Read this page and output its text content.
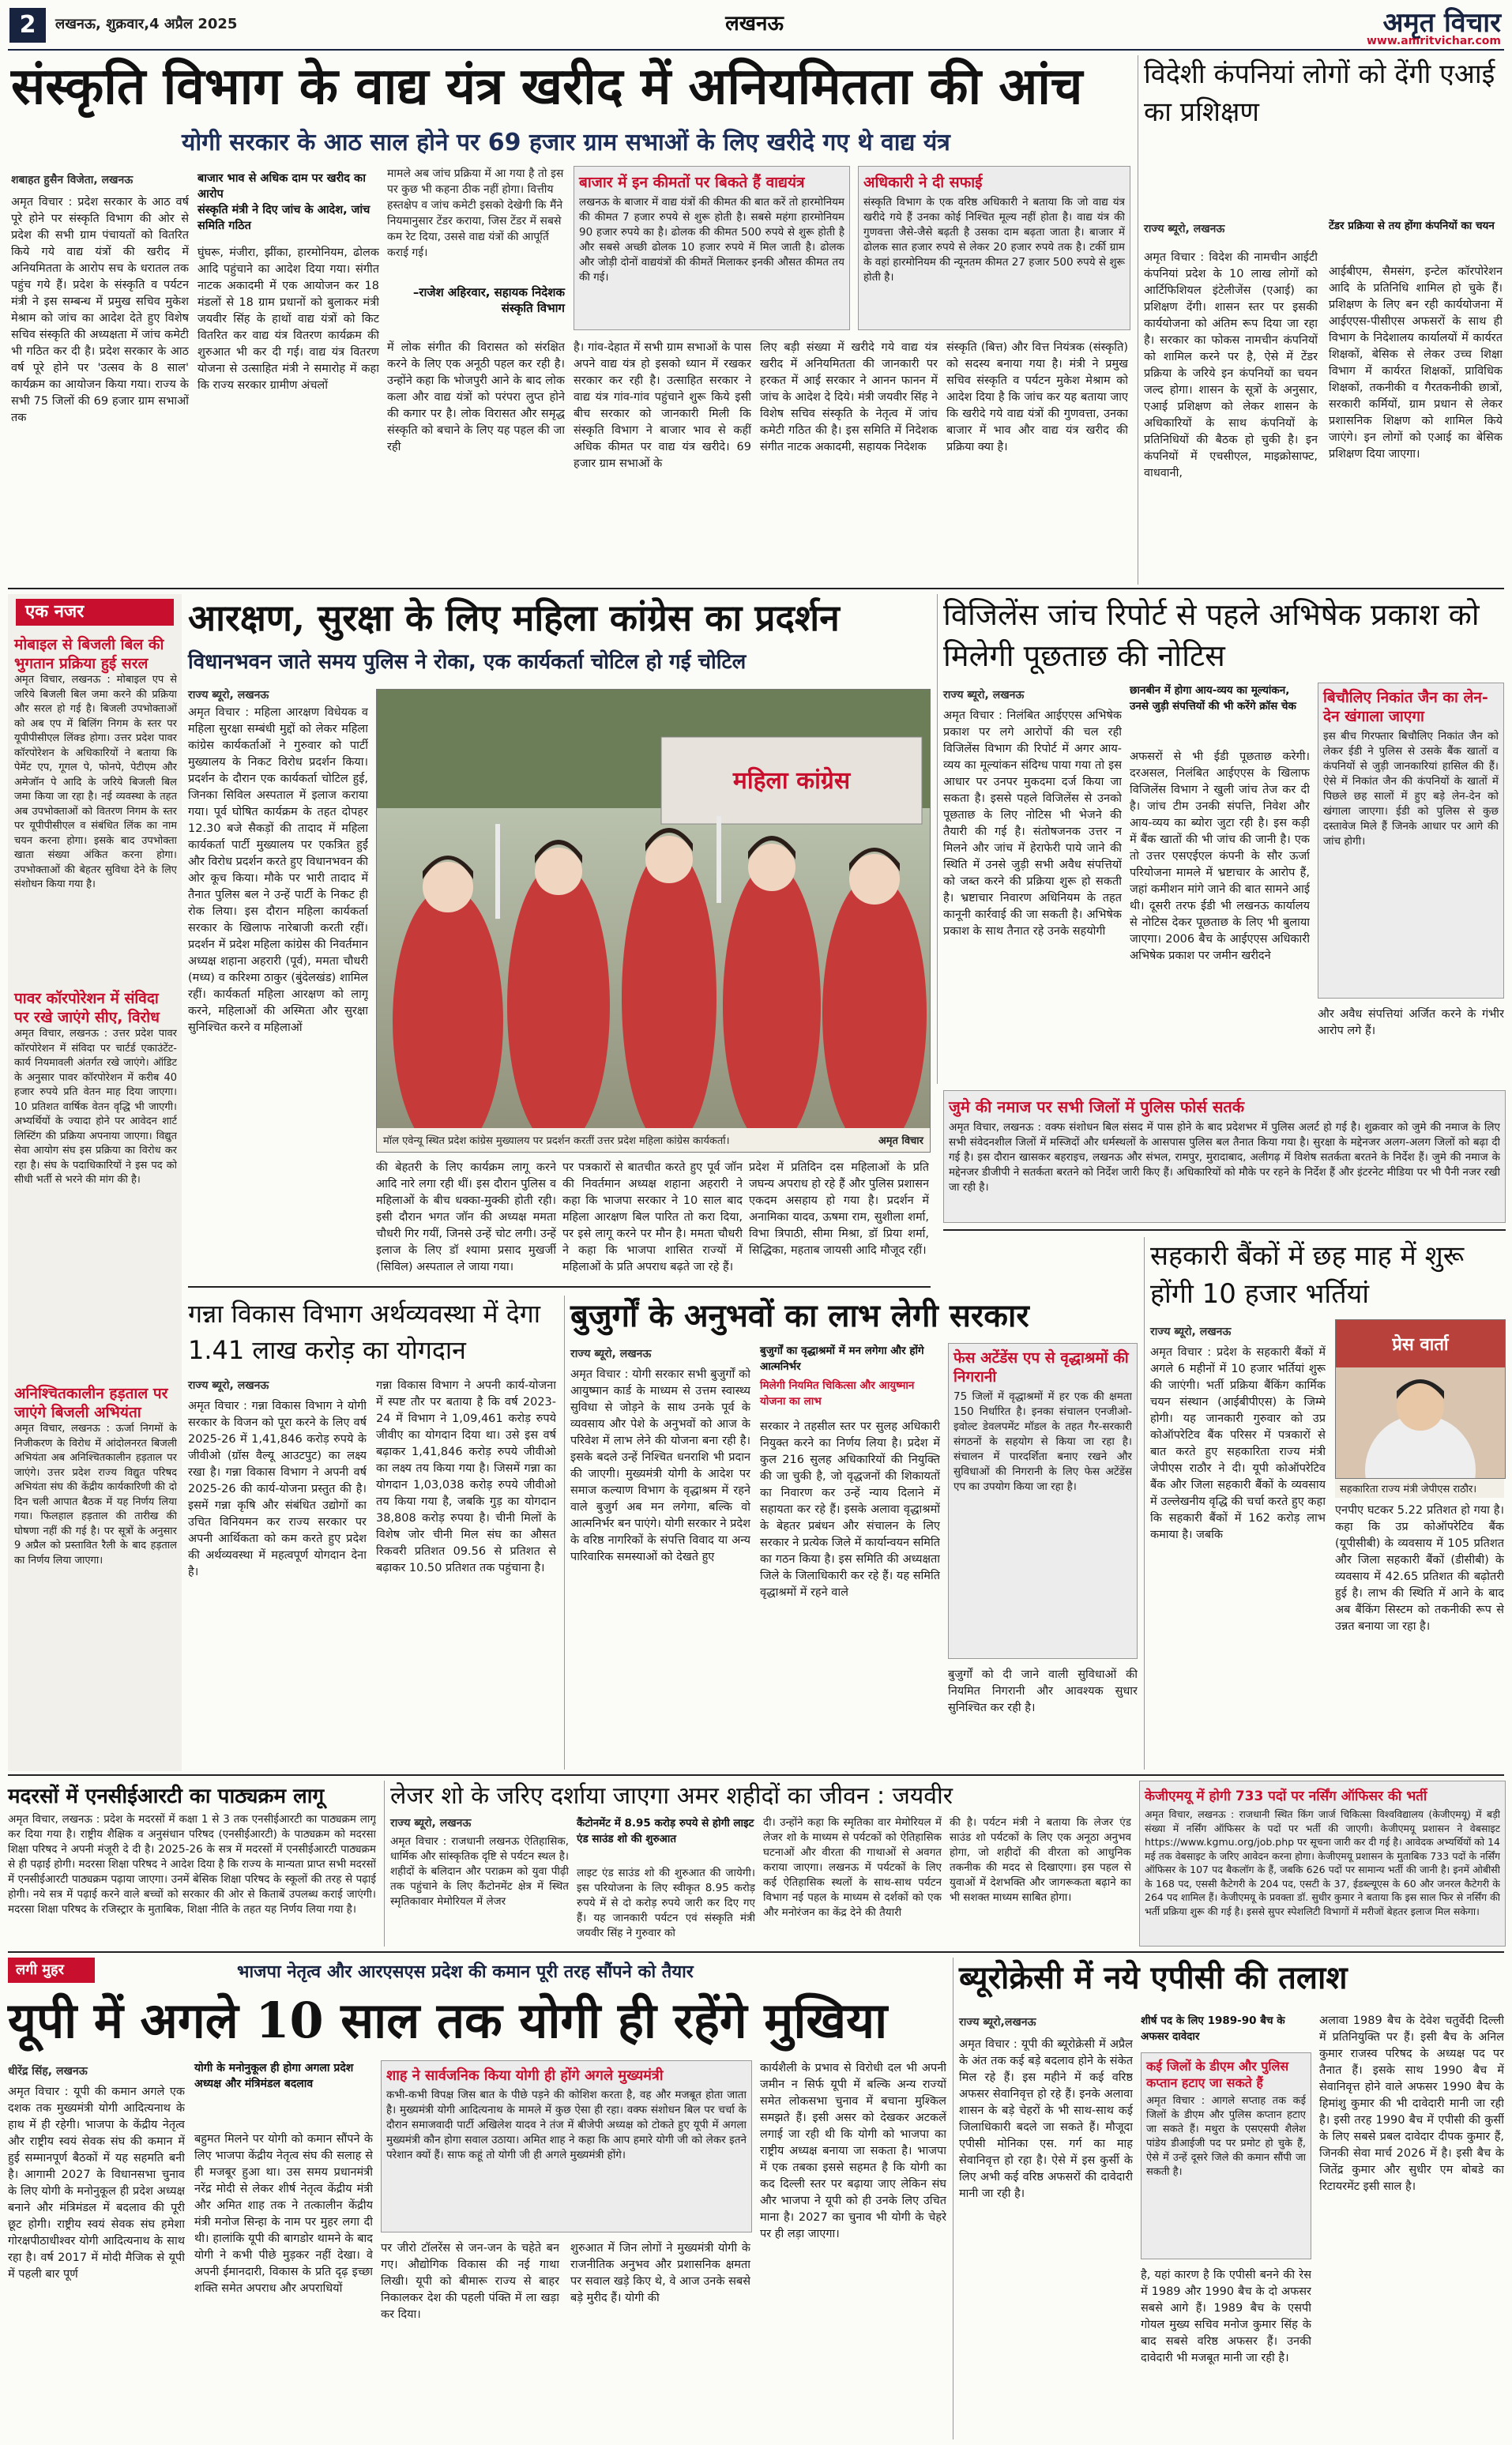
2	लखनऊ, शुक्रवार,4 अप्रैल 2025	लखनऊ	अमृत विचार
www.amritvichar.com
संस्कृति विभाग के वाद्य यंत्र खरीद में अनियमितता की आंच
योगी सरकार के आठ साल होने पर 69 हजार ग्राम सभाओं के लिए खरीदे गए थे वाद्य यंत्र
शबाहत हुसैन विजेता, लखनऊ
अमृत विचार : प्रदेश सरकार के आठ वर्ष पूरे होने पर संस्कृति विभाग की ओर से प्रदेश की सभी ग्राम पंचायतों को वितरित किये गये वाद्य यंत्रों की खरीद में अनियमितता के आरोप सच के धरातल तक पहुंच गये हैं। प्रदेश के संस्कृति व पर्यटन मंत्री ने इस सम्बन्ध में प्रमुख सचिव मुकेश मेश्राम को जांच का आदेश देते हुए विशेष सचिव संस्कृति की अध्यक्षता में जांच कमेटी भी गठित कर दी है। प्रदेश सरकार के आठ वर्ष पूरे होने पर 'उत्सव के 8 साल' कार्यक्रम का आयोजन किया गया। राज्य के सभी 75 जिलों की 69 हजार ग्राम सभाओं तक
बाजार भाव से अधिक दाम पर खरीद का आरोप
संस्कृति मंत्री ने दिए जांच के आदेश, जांच समिति गठित
घुंघरू, मंजीरा, झींका, हारमोनियम, ढोलक आदि पहुंचाने का आदेश दिया गया। संगीत नाटक अकादमी में एक आयोजन कर 18 मंडलों से 18 ग्राम प्रधानों को बुलाकर मंत्री जयवीर सिंह के हाथों वाद्य यंत्रों को किट वितरित कर वाद्य यंत्र वितरण कार्यक्रम की शुरुआत भी कर दी गई। वाद्य यंत्र वितरण योजना से उत्साहित मंत्री ने समारोह में कहा कि राज्य सरकार ग्रामीण अंचलों
मामले अब जांच प्रक्रिया में आ गया है तो इस पर कुछ भी कहना ठीक नहीं होगा। वित्तीय हस्तक्षेप व जांच कमेटी इसको देखेगी कि मैंने नियमानुसार टेंडर कराया, जिस टेंडर में सबसे कम रेट दिया, उससे वाद्य यंत्रों की आपूर्ति कराई गई।
–राजेश अहिरवार, सहायक निदेशक संस्कृति विभाग
बाजार में इन कीमतों पर बिकते हैं वाद्ययंत्र
लखनऊ के बाजार में वाद्य यंत्रों की कीमत की बात करें तो हारमोनियम की कीमत 7 हजार रुपये से शुरू होती है। सबसे महंगा हारमोनियम 90 हजार रुपये का है। ढोलक की कीमत 500 रुपये से शुरू होती है और सबसे अच्छी ढोलक 10 हजार रुपये में मिल जाती है। ढोलक और जोड़ी दोनों वाद्ययंत्रों की कीमतें मिलाकर इनकी औसत कीमत तय की गई।
अधिकारी ने दी सफाई
संस्कृति विभाग के एक वरिष्ठ अधिकारी ने बताया कि जो वाद्य यंत्र खरीदे गये हैं उनका कोई निश्चित मूल्य नहीं होता है। वाद्य यंत्र की गुणवत्ता जैसे-जैसे बढ़ती है उसका दाम बढ़ता जाता है। बाजार में ढोलक सात हजार रुपये से लेकर 20 हजार रुपये तक है। टर्की ग्राम के वहां हारमोनियम की न्यूनतम कीमत 27 हजार 500 रुपये से शुरू होती है।
में लोक संगीत की विरासत को संरक्षित करने के लिए एक अनूठी पहल कर रही है। उन्होंने कहा कि भोजपुरी आने के बाद लोक कला और वाद्य यंत्रों को परंपरा लुप्त होने की कगार पर है। लोक विरासत और समृद्ध संस्कृति को बचाने के लिए यह पहल की जा रही
है। गांव-देहात में सभी ग्राम सभाओं के पास अपने वाद्य यंत्र हो इसको ध्यान में रखकर सरकार कर रही है। उत्साहित सरकार ने वाद्य यंत्र गांव-गांव पहुंचाने शुरू किये इसी बीच सरकार को जानकारी मिली कि संस्कृति विभाग ने बाजार भाव से कहीं अधिक कीमत पर वाद्य यंत्र खरीदे। 69 हजार ग्राम सभाओं के
लिए बड़ी संख्या में खरीदे गये वाद्य यंत्र खरीद में अनियमितता की जानकारी पर हरकत में आई सरकार ने आनन फानन में जांच के आदेश दे दिये। मंत्री जयवीर सिंह ने विशेष सचिव संस्कृति के नेतृत्व में जांच कमेटी गठित की है। इस समिति में निदेशक संगीत नाटक अकादमी, सहायक निदेशक
संस्कृति (बित्त) और वित्त नियंत्रक (संस्कृति) को सदस्य बनाया गया है। मंत्री ने प्रमुख सचिव संस्कृति व पर्यटन मुकेश मेश्राम को आदेश दिया है कि जांच कर यह बताया जाए कि खरीदे गये वाद्य यंत्रों की गुणवत्ता, उनका बाजार में भाव और वाद्य यंत्र खरीद की प्रक्रिया क्या है।
विदेशी कंपनियां लोगों को देंगी एआई का प्रशिक्षण
राज्य ब्यूरो, लखनऊ	टेंडर प्रक्रिया से तय होंगा कंपनियों का चयन
अमृत विचार : विदेश की नामचीन आईटी कंपनियां प्रदेश के 10 लाख लोगों को आर्टिफिशियल इंटेलीजेंस (एआई) का प्रशिक्षण देंगी। शासन स्तर पर इसकी कार्ययोजना को अंतिम रूप दिया जा रहा है। सरकार का फोकस नामचीन कंपनियों को शामिल करने पर है, ऐसे में टेंडर प्रक्रिया के जरिये इन कंपनियों का चयन जल्द होगा। शासन के सूत्रों के अनुसार, एआई प्रशिक्षण को लेकर शासन के अधिकारियों के साथ कंपनियों के प्रतिनिधियों की बैठक हो चुकी है। इन कंपनियों में एचसीएल, माइक्रोसाफ्ट, वाधवानी,
आईबीएम, सैमसंग, इन्टेल कॉरपोरेशन आदि के प्रतिनिधि शामिल हो चुके हैं। प्रशिक्षण के लिए बन रही कार्ययोजना में आईएएस-पीसीएस अफसरों के साथ ही विभाग के निदेशालय कार्यालयों में कार्यरत शिक्षकों, बेसिक से लेकर उच्च शिक्षा विभाग में कार्यरत शिक्षकों, प्राविधिक शिक्षकों, तकनीकी व गैरतकनीकी छात्रों, सरकारी कर्मियों, ग्राम प्रधान से लेकर प्रशासनिक शिक्षण को शामिल किये जाएंगे। इन लोगों को एआई का बेसिक प्रशिक्षण दिया जाएगा।
एक नजर
मोबाइल से बिजली बिल की भुगतान प्रक्रिया हुई सरल
अमृत विचार, लखनऊ : मोबाइल एप से जरिये बिजली बिल जमा करने की प्रक्रिया और सरल हो गई है। बिजली उपभोक्ताओं को अब एप में बिलिंग निगम के स्तर पर यूपीपीसीएल लिंक्ड होगा। उत्तर प्रदेश पावर कॉरपोरेशन के अधिकारियों ने बताया कि पेमेंट एप, गूगल पे, फोनपे, पेटीएम और अमेजॉन पे आदि के जरिये बिजली बिल जमा किया जा रहा है। नई व्यवस्था के तहत अब उपभोक्ताओं को वितरण निगम के स्तर पर यूपीपीसीएल व संबंधित लिंक का नाम चयन करना होगा। इसके बाद उपभोक्ता खाता संख्या अंकित करना होगा। उपभोक्ताओं की बेहतर सुविधा देने के लिए संशोधन किया गया है।
पावर कॉरपोरेशन में संविदा पर रखे जाएंगे सीए, विरोध
अमृत विचार, लखनऊ : उत्तर प्रदेश पावर कॉरपोरेशन में संविदा पर चार्टर्ड एकाउंटेंट-कार्य नियमावली अंतर्गत रखे जाएंगे। ऑडिट के अनुसार पावर कॉरपोरेशन में करीब 40 हजार रुपये प्रति वेतन माह दिया जाएगा। 10 प्रतिशत वार्षिक वेतन वृद्धि भी जाएगी। अभ्यर्थियों के ज्यादा होने पर आवेदन शार्ट लिस्टिंग की प्रक्रिया अपनाया जाएगा। विद्युत सेवा आयोग संघ इस प्रक्रिया का विरोध कर रहा है। संघ के पदाधिकारियों ने इस पद को सीधी भर्ती से भरने की मांग की है।
अनिश्चितकालीन हड़ताल पर जाएंगे बिजली अभियंता
अमृत विचार, लखनऊ : ऊर्जा निगमों के निजीकरण के विरोध में आंदोलनरत बिजली अभियंता अब अनिश्चितकालीन हड़ताल पर जाएंगे। उत्तर प्रदेश राज्य विद्युत परिषद अभियंता संघ की केंद्रीय कार्यकारिणी की दो दिन चली आपात बैठक में यह निर्णय लिया गया। फिलहाल हड़ताल की तारीख की घोषणा नहीं की गई है। पर सूत्रों के अनुसार 9 अप्रैल को प्रस्तावित रैली के बाद हड़ताल का निर्णय लिया जाएगा।
आरक्षण, सुरक्षा के लिए महिला कांग्रेस का प्रदर्शन
विधानभवन जाते समय पुलिस ने रोका, एक कार्यकर्ता चोटिल हो गई चोटिल
राज्य ब्यूरो, लखनऊ
अमृत विचार : महिला आरक्षण विधेयक व महिला सुरक्षा सम्बंधी मुद्दों को लेकर महिला कांग्रेस कार्यकर्ताओं ने गुरुवार को पार्टी मुख्यालय के निकट विरोध प्रदर्शन किया। प्रदर्शन के दौरान एक कार्यकर्ता चोटिल हुई, जिनका सिविल अस्पताल में इलाज कराया गया। पूर्व घोषित कार्यक्रम के तहत दोपहर 12.30 बजे सैकड़ों की तादाद में महिला कार्यकर्ता पार्टी मुख्यालय पर एकत्रित हुईं और विरोध प्रदर्शन करते हुए विधानभवन की ओर कूच किया। मौके पर भारी तादाद में तैनात पुलिस बल ने उन्हें पार्टी के निकट ही रोक लिया। इस दौरान महिला कार्यकर्ता सरकार के खिलाफ नारेबाजी करती रहीं। प्रदर्शन में प्रदेश महिला कांग्रेस की निवर्तमान अध्यक्ष शहाना अहरारी (पूर्व), ममता चौधरी (मध्य) व करिश्मा ठाकुर (बुंदेलखंड) शामिल रहीं। कार्यकर्ता महिला आरक्षण को लागू करने, महिलाओं की अस्मिता और सुरक्षा सुनिश्चित करने व महिलाओं
महिला कांग्रेस
मॉल एवेन्यू स्थित प्रदेश कांग्रेस मुख्यालय पर प्रदर्शन करतीं उत्तर प्रदेश महिला कांग्रेस कार्यकर्ता।	अमृत विचार
की बेहतरी के लिए कार्यक्रम लागू करने आदि नारे लगा रही थीं। इस दौरान पुलिस व महिलाओं के बीच धक्का-मुक्की होती रही। इसी दौरान भगत जॉन की अध्यक्ष ममता चौधरी गिर गयीं, जिनसे उन्हें चोट लगी। उन्हें इलाज के लिए डॉ श्यामा प्रसाद मुखर्जी (सिविल) अस्पताल ले जाया गया।
पर पत्रकारों से बातचीत करते हुए पूर्व जॉन की निवर्तमान अध्यक्ष शहाना अहरारी ने कहा कि भाजपा सरकार ने 10 साल बाद महिला आरक्षण बिल पारित तो करा दिया, पर इसे लागू करने पर मौन है। ममता चौधरी ने कहा कि भाजपा शासित राज्यों में महिलाओं के प्रति अपराध बढ़ते जा रहे हैं।
प्रदेश में प्रतिदिन दस महिलाओं के प्रति जघन्य अपराध हो रहे हैं और पुलिस प्रशासन एकदम असहाय हो गया है। प्रदर्शन में अनामिका यादव, ऊषमा राम, सुशीला शर्मा, विभा त्रिपाठी, सीमा मिश्रा, डॉ प्रिया शर्मा, सिद्धिका, महताब जायसी आदि मौजूद रहीं।
विजिलेंस जांच रिपोर्ट से पहले अभिषेक प्रकाश को मिलेगी पूछताछ की नोटिस
राज्य ब्यूरो, लखनऊ	छानबीन में होगा आय-व्यय का मूल्यांकन, उनसे जुड़ी संपत्तियों की भी करेंगे क्रॉस चेक
अमृत विचार : निलंबित आईएएस अभिषेक प्रकाश पर लगे आरोपों की चल रही विजिलेंस विभाग की रिपोर्ट में अगर आय-व्यय का मूल्यांकन संदिग्ध पाया गया तो इस आधार पर उनपर मुकदमा दर्ज किया जा सकता है। इससे पहले विजिलेंस से उनको पूछताछ के लिए नोटिस भी भेजने की तैयारी की गई है। संतोषजनक उत्तर न मिलने और जांच में हेराफेरी पाये जाने की स्थिति में उनसे जुड़ी सभी अवैध संपत्तियों को जब्त करने की प्रक्रिया शुरू हो सकती है। भ्रष्टाचार निवारण अधिनियम के तहत कानूनी कार्रवाई की जा सकती है। अभिषेक प्रकाश के साथ तैनात रहे उनके सहयोगी
अफसरों से भी ईडी पूछताछ करेगी। दरअसल, निलंबित आईएएस के खिलाफ विजिलेंस विभाग ने खुली जांच तेज कर दी है। जांच टीम उनकी संपत्ति, निवेश और आय-व्यय का ब्योरा जुटा रही है। इस कड़ी में बैंक खातों की भी जांच की जानी है। एक तो उत्तर एसएईएल कंपनी के सौर ऊर्जा परियोजना मामले में भ्रष्टाचार के आरोप हैं, जहां कमीशन मांगे जाने की बात सामने आई थी। दूसरी तरफ ईडी भी लखनऊ कार्यालय से नोटिस देकर पूछताछ के लिए भी बुलाया जाएगा। 2006 बैच के आईएएस अधिकारी अभिषेक प्रकाश पर जमीन खरीदने
बिचौलिए निकांत जैन का लेन-देन खंगाला जाएगा
इस बीच गिरफ्तार बिचौलिए निकांत जैन को लेकर ईडी ने पुलिस से उसके बैंक खातों व कंपनियों से जुड़ी जानकारियां हासिल की हैं। ऐसे में निकांत जैन की कंपनियों के खातों में पिछले छह सालों में हुए बड़े लेन-देन को खंगाला जाएगा। ईडी को पुलिस से कुछ दस्तावेज मिले हैं जिनके आधार पर आगे की जांच होगी।
और अवैध संपत्तियां अर्जित करने के गंभीर आरोप लगे हैं।
जुमे की नमाज पर सभी जिलों में पुलिस फोर्स सतर्क
अमृत विचार, लखनऊ : वक्फ संशोधन बिल संसद में पास होने के बाद प्रदेशभर में पुलिस अलर्ट हो गई है। शुक्रवार को जुमे की नमाज के लिए सभी संवेदनशील जिलों में मस्जिदों और धर्मस्थलों के आसपास पुलिस बल तैनात किया गया है। सुरक्षा के मद्देनजर अलग-अलग जिलों को बढ़ा दी गई है। इस दौरान खासकर बहराइच, लखनऊ और संभल, रामपुर, मुरादाबाद, अलीगढ़ में विशेष सतर्कता बरतने के निर्देश हैं। जुमे की नमाज के मद्देनजर डीजीपी ने सतर्कता बरतने को निर्देश जारी किए हैं। अधिकारियों को मौके पर रहने के निर्देश हैं और इंटरनेट मीडिया पर भी पैनी नजर रखी जा रही है।
गन्ना विकास विभाग अर्थव्यवस्था में देगा 1.41 लाख करोड़ का योगदान
राज्य ब्यूरो, लखनऊ
अमृत विचार : गन्ना विकास विभाग ने योगी सरकार के विजन को पूरा करने के लिए वर्ष 2025-26 में 1,41,846 करोड़ रुपये के जीवीओ (ग्रॉस वैल्यू आउटपुट) का लक्ष्य रखा है। गन्ना विकास विभाग ने अपनी वर्ष 2025-26 की कार्य-योजना प्रस्तुत की है। इसमें गन्ना कृषि और संबंधित उद्योगों का उचित विनियमन कर राज्य सरकार पर अपनी आर्थिकता को कम करते हुए प्रदेश की अर्थव्यवस्था में महत्वपूर्ण योगदान देना है।
गन्ना विकास विभाग ने अपनी कार्य-योजना में स्पष्ट तौर पर बताया है कि वर्ष 2023-24 में विभाग ने 1,09,461 करोड़ रुपये जीवीए का योगदान दिया था। उसे इस वर्ष बढ़ाकर 1,41,846 करोड़ रुपये जीवीओ का लक्ष्य तय किया गया है। जिसमें गन्ना का योगदान 1,03,038 करोड़ रुपये जीवीओ तय किया गया है, जबकि गुड़ का योगदान 38,808 करोड़ रुपया है। चीनी मिलों के विशेष जोर चीनी मिल संघ का औसत रिकवरी प्रतिशत 09.56 से प्रतिशत से बढ़ाकर 10.50 प्रतिशत तक पहुंचाना है।
बुजुर्गों के अनुभवों का लाभ लेगी सरकार
राज्य ब्यूरो, लखनऊ	बुजुर्गों का वृद्धाश्रमों में मन लगेगा और होंगे आत्मनिर्भर
मिलेगी नियमित चिकित्सा और आयुष्मान योजना का लाभ
अमृत विचार : योगी सरकार सभी बुजुर्गों को आयुष्मान कार्ड के माध्यम से उत्तम स्वास्थ्य सुविधा से जोड़ने के साथ उनके पूर्व के व्यवसाय और पेशे के अनुभवों को आज के परिवेश में लाभ लेने की योजना बना रही है। इसके बदले उन्हें निश्चित धनराशि भी प्रदान की जाएगी। मुख्यमंत्री योगी के आदेश पर समाज कल्याण विभाग के वृद्धाश्रम में रहने वाले बुजुर्ग अब मन लगेगा, बल्कि वो आत्मनिर्भर बन पाएंगे। योगी सरकार ने प्रदेश के वरिष्ठ नागरिकों के संपत्ति विवाद या अन्य पारिवारिक समस्याओं को देखते हुए
सरकार ने तहसील स्तर पर सुलह अधिकारी नियुक्त करने का निर्णय लिया है। प्रदेश में कुल 216 सुलह अधिकारियों की नियुक्ति की जा चुकी है, जो वृद्धजनों की शिकायतों का निवारण कर उन्हें न्याय दिलाने में सहायता कर रहे हैं। इसके अलावा वृद्धाश्रमों के बेहतर प्रबंधन और संचालन के लिए सरकार ने प्रत्येक जिले में कार्यान्वयन समिति का गठन किया है। इस समिति की अध्यक्षता जिले के जिलाधिकारी कर रहे हैं। यह समिति वृद्धाश्रमों में रहने वाले
फेस अटेंडेंस एप से वृद्धाश्रमों की निगरानी
75 जिलों में वृद्धाश्रमों में हर एक की क्षमता 150 निर्धारित है। इनका संचालन एनजीओ-इवोल्ट डेवलपमेंट मॉडल के तहत गैर-सरकारी संगठनों के सहयोग से किया जा रहा है। संचालन में पारदर्शिता बनाए रखने और सुविधाओं की निगरानी के लिए फेस अटेंडेंस एप का उपयोग किया जा रहा है।
बुजुर्गों को दी जाने वाली सुविधाओं की नियमित निगरानी और आवश्यक सुधार सुनिश्चित कर रही है।
सहकारी बैंकों में छह माह में शुरू होंगी 10 हजार भर्तियां
राज्य ब्यूरो, लखनऊ
प्रेस वार्ता
सहकारिता राज्य मंत्री जेपीएस राठौर।
अमृत विचार : प्रदेश के सहकारी बैंकों में अगले 6 महीनों में 10 हजार भर्तियां शुरू की जाएंगी। भर्ती प्रक्रिया बैंकिंग कार्मिक चयन संस्थान (आईबीपीएस) के जिम्मे होगी। यह जानकारी गुरुवार को उप्र कोऑपरेटिव बैंक परिसर में पत्रकारों से बात करते हुए सहकारिता राज्य मंत्री जेपीएस राठौर ने दी। यूपी कोऑपरेटिव बैंक और जिला सहकारी बैंकों के व्यवसाय में उल्लेखनीय वृद्धि की चर्चा करते हुए कहा कि सहकारी बैंकों में 162 करोड़ लाभ कमाया है। जबकि
एनपीए घटकर 5.22 प्रतिशत हो गया है। कहा कि उप्र कोऑपरेटिव बैंक (यूपीसीबी) के व्यवसाय में 105 प्रतिशत और जिला सहकारी बैंकों (डीसीबी) के व्यवसाय में 42.65 प्रतिशत की बढ़ोतरी हुई है। लाभ की स्थिति में आने के बाद अब बैंकिंग सिस्टम को तकनीकी रूप से उन्नत बनाया जा रहा है।
मदरसों में एनसीईआरटी का पाठ्यक्रम लागू
अमृत विचार, लखनऊ : प्रदेश के मदरसों में कक्षा 1 से 3 तक एनसीईआरटी का पाठ्यक्रम लागू कर दिया गया है। राष्ट्रीय शैक्षिक व अनुसंधान परिषद (एनसीईआरटी) के पाठ्यक्रम को मदरसा शिक्षा परिषद ने अपनी मंजूरी दे दी है। 2025-26 के सत्र में मदरसों में एनसीईआरटी पाठ्यक्रम से ही पढ़ाई होगी। मदरसा शिक्षा परिषद ने आदेश दिया है कि राज्य के मान्यता प्राप्त सभी मदरसों में एनसीईआरटी पाठ्यक्रम पढ़ाया जाएगा। उनमें बेसिक शिक्षा परिषद के स्कूलों की तरह से पढ़ाई होगी। नये सत्र में पढ़ाई करने वाले बच्चों को सरकार की ओर से किताबें उपलब्ध कराई जाएंगी। मदरसा शिक्षा परिषद के रजिस्ट्रार के मुताबिक, शिक्षा नीति के तहत यह निर्णय लिया गया है।
लेजर शो के जरिए दर्शाया जाएगा अमर शहीदों का जीवन : जयवीर
राज्य ब्यूरो, लखनऊ	कैंटोनमेंट में 8.95 करोड़ रुपये से होगी लाइट एंड साउंड शो की शुरुआत
अमृत विचार : राजधानी लखनऊ ऐतिहासिक, धार्मिक और सांस्कृतिक दृष्टि से पर्यटन स्थल है। शहीदों के बलिदान और पराक्रम को युवा पीढ़ी तक पहुंचाने के लिए कैंटोनमेंट क्षेत्र में स्थित स्मृतिकावार मेमोरियल में लेजर
लाइट एंड साउंड शो की शुरुआत की जायेगी। इस परियोजना के लिए स्वीकृत 8.95 करोड़ रुपये में से दो करोड़ रुपये जारी कर दिए गए हैं। यह जानकारी पर्यटन एवं संस्कृति मंत्री जयवीर सिंह ने गुरुवार को
दी। उन्होंने कहा कि स्मृतिका वार मेमोरियल में लेजर शो के माध्यम से पर्यटकों को ऐतिहासिक घटनाओं और वीरता की गाथाओं से अवगत कराया जाएगा। लखनऊ में पर्यटकों के लिए कई ऐतिहासिक स्थलों के साथ-साथ पर्यटन विभाग नई पहल के माध्यम से दर्शकों को एक और मनोरंजन का केंद्र देने की तैयारी
की है। पर्यटन मंत्री ने बताया कि लेजर एंड साउंड शो पर्यटकों के लिए एक अनूठा अनुभव होगा, जो शहीदों की वीरता को आधुनिक तकनीक की मदद से दिखाएगा। इस पहल से युवाओं में देशभक्ति और जागरूकता बढ़ाने का भी सशक्त माध्यम साबित होगा।
केजीएमयू में होगी 733 पदों पर नर्सिंग ऑफिसर की भर्ती
अमृत विचार, लखनऊ : राजधानी स्थित किंग जार्ज चिकित्सा विश्वविद्यालय (केजीएमयू) में बड़ी संख्या में नर्सिंग ऑफिसर के पदों पर भर्ती की जाएगी। केजीएमयू प्रशासन ने वेबसाइट https://www.kgmu.org/job.php पर सूचना जारी कर दी गई है। आवेदक अभ्यर्थियों को 14 मई तक वेबसाइट के जरिए आवेदन करना होगा। केजीएमयू प्रशासन के मुताबिक 733 पदों के नर्सिंग ऑफिसर के 107 पद बैकलॉग के हैं, जबकि 626 पदों पर सामान्य भर्ती की जानी है। इनमें ओबीसी के 168 पद, एससी कैटेगरी के 204 पद, एसटी के 37, ईडब्ल्यूएस के 60 और जनरल कैटेगरी के 264 पद शामिल हैं। केजीएमयू के प्रवक्ता डॉ. सुधीर कुमार ने बताया कि इस साल फिर से नर्सिंग की भर्ती प्रक्रिया शुरू की गई है। इससे सुपर स्पेशलिटी विभागों में मरीजों बेहतर इलाज मिल सकेगा।
लगी मुहर	भाजपा नेतृत्व और आरएसएस प्रदेश की कमान पूरी तरह सौंपने को तैयार
यूपी में अगले 10 साल तक योगी ही रहेंगे मुखिया
धीरेंद्र सिंह, लखनऊ
अमृत विचार : यूपी की कमान अगले एक दशक तक मुख्यमंत्री योगी आदित्यनाथ के हाथ में ही रहेगी। भाजपा के केंद्रीय नेतृत्व और राष्ट्रीय स्वयं सेवक संघ की कमान में हुई सम्मानपूर्ण बैठकों में यह सहमति बनी है। आगामी 2027 के विधानसभा चुनाव के लिए योगी के मनोनुकूल ही प्रदेश अध्यक्ष बनाने और मंत्रिमंडल में बदलाव की पूरी छूट होगी। राष्ट्रीय स्वयं सेवक संघ हमेशा गोरक्षपीठाधीश्वर योगी आदित्यनाथ के साथ रहा है। वर्ष 2017 में मोदी मैजिक से यूपी में पहली बार पूर्ण
योगी के मनोनुकूल ही होगा अगला प्रदेश अध्यक्ष और मंत्रिमंडल बदलाव
बहुमत मिलने पर योगी को कमान सौंपने के लिए भाजपा केंद्रीय नेतृत्व संघ की सलाह से ही मजबूर हुआ था। उस समय प्रधानमंत्री नरेंद्र मोदी से लेकर शीर्ष नेतृत्व केंद्रीय मंत्री और अमित शाह तक ने तत्कालीन केंद्रीय मंत्री मनोज सिन्हा के नाम पर मुहर लगा दी थी। हालांकि यूपी की बागडोर थामने के बाद योगी ने कभी पीछे मुड़कर नहीं देखा। वे अपनी ईमानदारी, विकास के प्रति दृढ़ इच्छा शक्ति समेत अपराध और अपराधियों
शाह ने सार्वजनिक किया योगी ही होंगे अगले मुख्यमंत्री
कभी-कभी विपक्ष जिस बात के पीछे पड़ने की कोशिश करता है, वह और मजबूत होता जाता है। मुख्यमंत्री योगी आदित्यनाथ के मामले में कुछ ऐसा ही रहा। वक्फ संशोधन बिल पर चर्चा के दौरान समाजवादी पार्टी अखिलेश यादव ने तंज में बीजेपी अध्यक्ष को टोकते हुए यूपी में अगला मुख्यमंत्री कौन होगा सवाल उठाया। अमित शाह ने कहा कि आप हमारे योगी जी को लेकर इतने परेशान क्यों हैं। साफ कहूं तो योगी जी ही अगले मुख्यमंत्री होंगे।
पर जीरो टॉलरेंस से जन-जन के चहेते बन गए। औद्योगिक विकास की नई गाथा लिखी। यूपी को बीमारू राज्य से बाहर निकालकर देश की पहली पंक्ति में ला खड़ा कर दिया।
शुरुआत में जिन लोगों ने मुख्यमंत्री योगी के राजनीतिक अनुभव और प्रशासनिक क्षमता पर सवाल खड़े किए थे, वे आज उनके सबसे बड़े मुरीद हैं। योगी की
कार्यशैली के प्रभाव से विरोधी दल भी अपनी जमीन न सिर्फ यूपी में बल्कि अन्य राज्यों समेत लोकसभा चुनाव में बचाना मुश्किल समझते हैं। इसी असर को देखकर अटकलें लगाई जा रही थी कि योगी को भाजपा का राष्ट्रीय अध्यक्ष बनाया जा सकता है। भाजपा में एक तबका इससे सहमत है कि योगी का कद दिल्ली स्तर पर बढ़ाया जाए लेकिन संघ और भाजपा ने यूपी को ही उनके लिए उचित माना है। 2027 का चुनाव भी योगी के चेहरे पर ही लड़ा जाएगा।
ब्यूरोक्रेसी में नये एपीसी की तलाश
राज्य ब्यूरो,लखनऊ	शीर्ष पद के लिए 1989-90 बैच के अफसर दावेदार
अमृत विचार : यूपी की ब्यूरोक्रेसी में अप्रैल के अंत तक कई बड़े बदलाव होने के संकेत मिल रहे हैं। इस महीने में कई वरिष्ठ अफसर सेवानिवृत्त हो रहे हैं। इनके अलावा शासन के बड़े चेहरों के भी साथ-साथ कई जिलाधिकारी बदले जा सकते हैं। मौजूदा एपीसी मोनिका एस. गर्ग का माह सेवानिवृत्त हो रहा है। ऐसे में इस कुर्सी के लिए अभी कई वरिष्ठ अफसरों की दावेदारी मानी जा रही है।
कई जिलों के डीएम और पुलिस कप्तान हटाए जा सकते हैं
अमृत विचार : आगले सप्ताह तक कई जिलों के डीएम और पुलिस कप्तान हटाए जा सकते हैं। मथुरा के एसएसपी शैलेश पांडेय डीआईजी पद पर प्रमोट हो चुके हैं, ऐसे में उन्हें दूसरे जिले की कमान सौंपी जा सकती है।
है, यहां कारण है कि एपीसी बनने की रेस में 1989 और 1990 बैच के दो अफसर सबसे आगे हैं। 1989 बैच के एसपी गोयल मुख्य सचिव मनोज कुमार सिंह के बाद सबसे वरिष्ठ अफसर हैं। उनकी दावेदारी भी मजबूत मानी जा रही है।
अलावा 1989 बैच के देवेश चतुर्वेदी दिल्ली में प्रतिनियुक्ति पर हैं। इसी बैच के अनिल कुमार राजस्व परिषद के अध्यक्ष पद पर तैनात हैं। इसके साथ 1990 बैच में सेवानिवृत्त होने वाले अफसर 1990 बैच के हिमांशु कुमार की भी दावेदारी मानी जा रही है। इसी तरह 1990 बैच में एपीसी की कुर्सी के लिए सबसे प्रबल दावेदार दीपक कुमार हैं, जिनकी सेवा मार्च 2026 में है। इसी बैच के जितेंद्र कुमार और सुधीर एम बोबडे का रिटायरमेंट इसी साल है।
